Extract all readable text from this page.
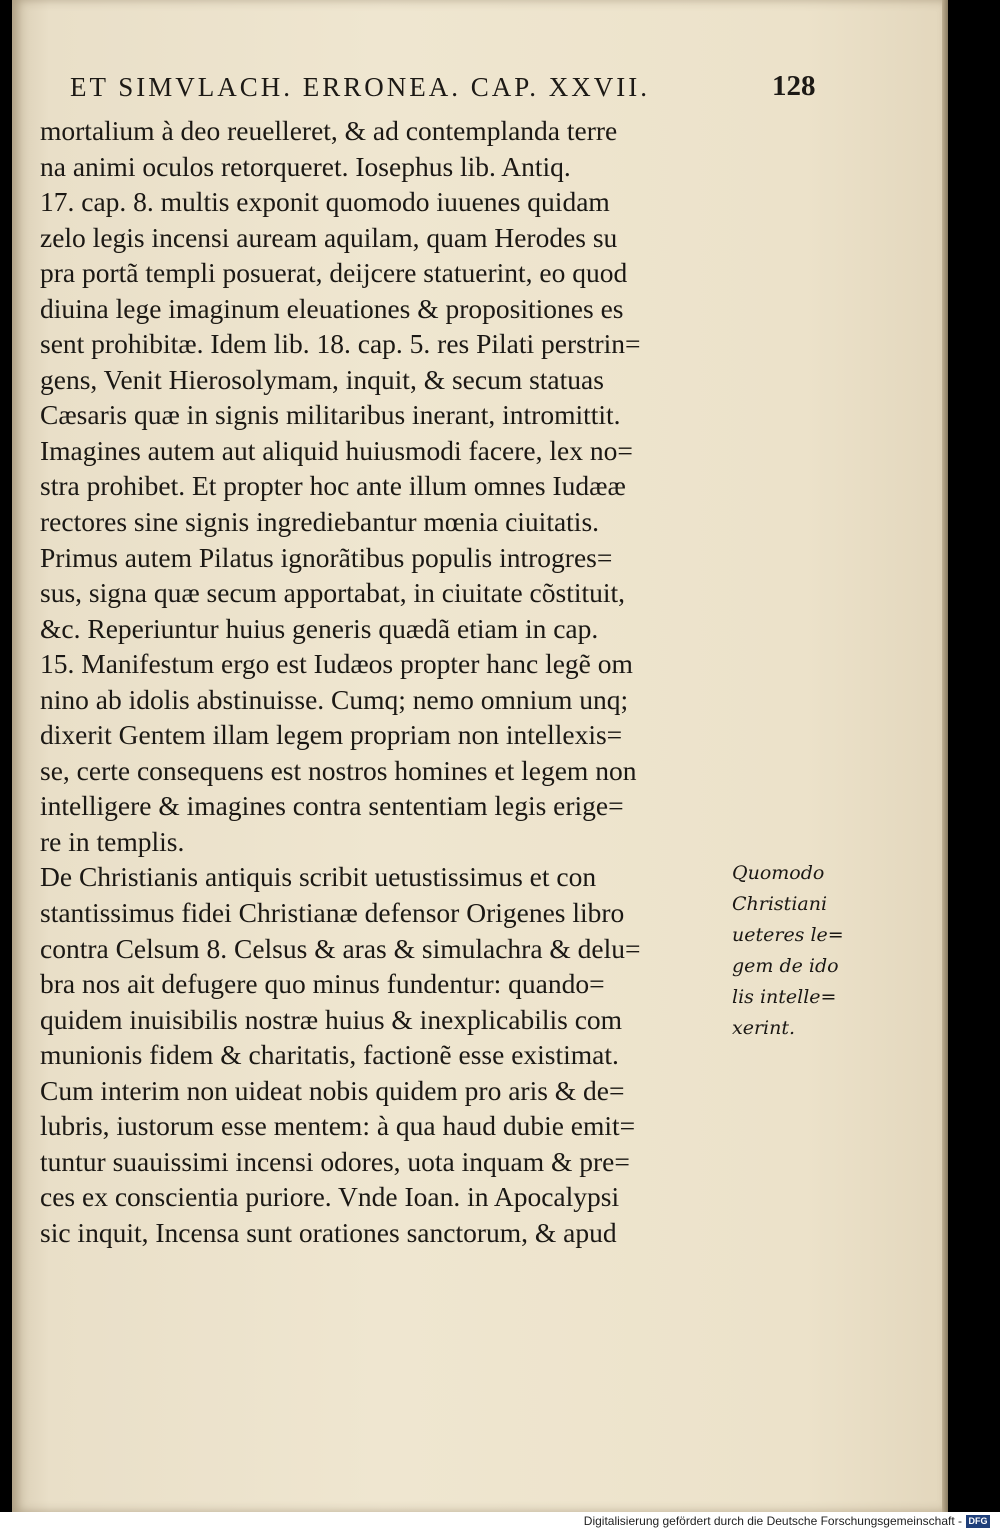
ET SIMVLACH. ERRONEA. CAP. XXVII.	128
mortalium à deo reuelleret, & ad contemplanda terre
na animi oculos retorqueret. Iosephus lib. Antiq.
17. cap. 8. multis exponit quomodo iuuenes quidam
zelo legis incensi auream aquilam, quam Herodes su
pra portã templi posuerat, deijcere statuerint, eo quod
diuina lege imaginum eleuationes & propositiones es
sent prohibitæ. Idem lib. 18. cap. 5. res Pilati perstrin=
gens, Venit Hierosolymam, inquit, & secum statuas
Cæsaris quæ in signis militaribus inerant, intromittit.
Imagines autem aut aliquid huiusmodi facere, lex no=
stra prohibet. Et propter hoc ante illum omnes Iudææ
rectores sine signis ingrediebantur mœnia ciuitatis.
Primus autem Pilatus ignorãtibus populis introgres=
sus, signa quæ secum apportabat, in ciuitate cõstituit,
&c. Reperiuntur huius generis quædã etiam in cap.
15. Manifestum ergo est Iudæos propter hanc legẽ om
nino ab idolis abstinuisse. Cumq; nemo omnium unq;
dixerit Gentem illam legem propriam non intellexis=
se, certe consequens est nostros homines et legem non
intelligere & imagines contra sententiam legis erige=
re in templis.
De Christianis antiquis scribit uetustissimus et con
stantissimus fidei Christianæ defensor Origenes libro
contra Celsum 8. Celsus & aras & simulachra & delu=
bra nos ait defugere quo minus fundentur: quando=
quidem inuisibilis nostræ huius & inexplicabilis com
munionis fidem & charitatis, factionẽ esse existimat.
Cum interim non uideat nobis quidem pro aris & de=
lubris, iustorum esse mentem: à qua haud dubie emit=
tuntur suauissimi incensi odores, uota inquam & pre=
ces ex conscientia puriore. Vnde Ioan. in Apocalypsi
sic inquit, Incensa sunt orationes sanctorum, & apud
Quomodo
Christiani
ueteres le=
gem de ido
lis intelle=
xerint.
Digitalisierung gefördert durch die Deutsche Forschungsgemeinschaft - DFG
